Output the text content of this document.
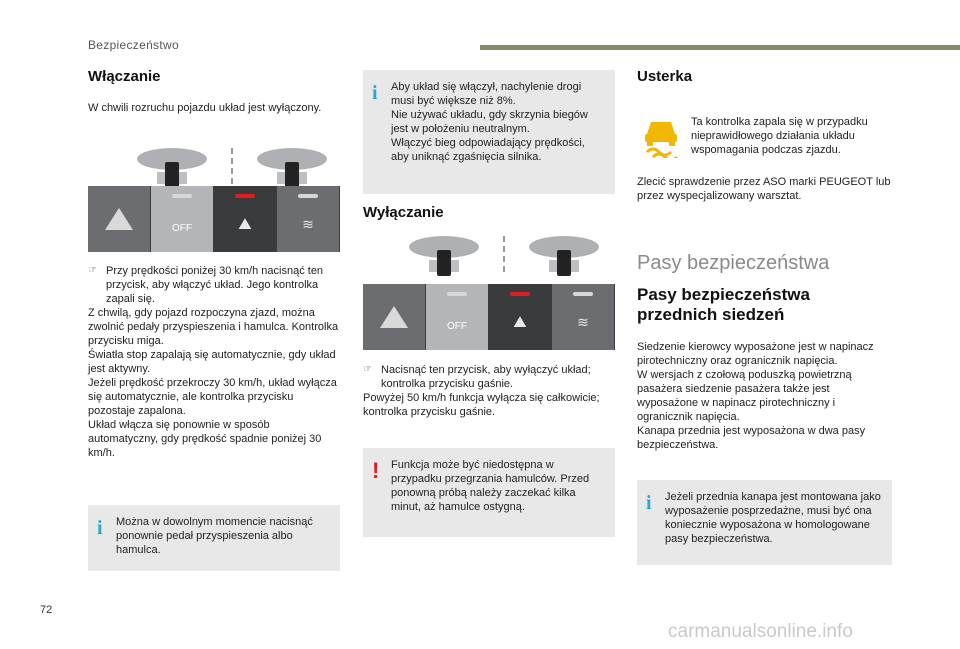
Bezpieczeństwo
Włączanie
W chwili rozruchu pojazdu układ jest wyłączony.
OFF	⛰	≋
☞ Przy prędkości poniżej 30 km/h nacisnąć ten przycisk, aby włączyć układ. Jego kontrolka zapali się.
Z chwilą, gdy pojazd rozpoczyna zjazd, można zwolnić pedały przyspieszenia i hamulca. Kontrolka przycisku miga.
Światła stop zapalają się automatycznie, gdy układ jest aktywny.
Jeżeli prędkość przekroczy 30 km/h, układ wyłącza się automatycznie, ale kontrolka przycisku pozostaje zapalona.
Układ włącza się ponownie w sposób automatyczny, gdy prędkość spadnie poniżej 30 km/h.
i	Można w dowolnym momencie nacisnąć ponownie pedał przyspieszenia albo hamulca.
i	Aby układ się włączył, nachylenie drogi musi być większe niż 8%.
Nie używać układu, gdy skrzynia biegów jest w położeniu neutralnym.
Włączyć bieg odpowiadający prędkości, aby uniknąć zgaśnięcia silnika.
Wyłączanie
OFF	⛰	≋
☞ Nacisnąć ten przycisk, aby wyłączyć układ; kontrolka przycisku gaśnie.
Powyżej 50 km/h funkcja wyłącza się całkowicie; kontrolka przycisku gaśnie.
! Funkcja może być niedostępna w przypadku przegrzania hamulców. Przed ponowną próbą należy zaczekać kilka minut, aż hamulce ostygną.
Usterka
Ta kontrolka zapala się w przypadku nieprawidłowego działania układu wspomagania podczas zjazdu.
Zlecić sprawdzenie przez ASO marki PEUGEOT lub przez wyspecjalizowany warsztat.
Pasy bezpieczeństwa
Pasy bezpieczeństwa przednich siedzeń
Siedzenie kierowcy wyposażone jest w napinacz pirotechniczny oraz ogranicznik napięcia.
W wersjach z czołową poduszką powietrzną pasażera siedzenie pasażera także jest wyposażone w napinacz pirotechniczny i ogranicznik napięcia.
Kanapa przednia jest wyposażona w dwa pasy bezpieczeństwa.
i	Jeżeli przednia kanapa jest montowana jako wyposażenie posprzedażne, musi być ona koniecznie wyposażona w homologowane pasy bezpieczeństwa.
72
carmanualsonline.info
